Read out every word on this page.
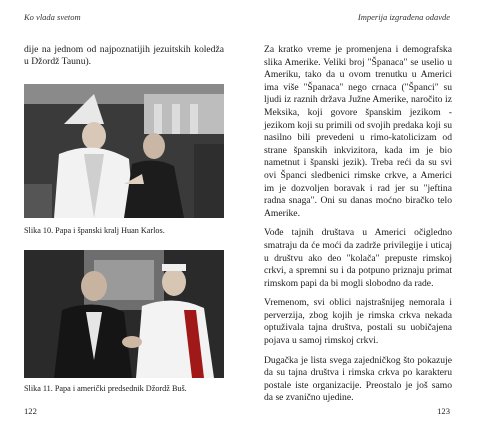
Ko vlada svetom
dije na jednom od najpoznatijih jezuitskih koledža u Džordž Taunu).
Slika 10. Papa i španski kralj Huan Karlos.
Slika 11. Papa i američki predsednik Džordž Buš.
122
Imperija izgrađena odavde

Za kratko vreme je promenjena i demografska slika Amerike. Veliki broj "Španaca" se uselio u Ameriku, tako da u ovom trenutku u Americi ima više "Španaca" nego crnaca ("Španci" su ljudi iz raznih država Južne Amerike, naročito iz Meksika, koji govore španskim jezikom - jezikom koji su primili od svojih predaka koji su nasilno bili prevedeni u rimo-katolicizam od strane španskih inkvizitora, kada im je bio nametnut i španski jezik). Treba reći da su svi ovi Španci sledbenici rimske crkve, a Americi im je dozvoljen boravak i rad jer su "jeftina radna snaga". Oni su danas moćno biračko telo Amerike.

Vođe tajnih društava u Americi očigledno smatraju da će moći da zadrže privilegije i uticaj u društvu ako deo "kolača" prepuste rimskoj crkvi, a spremni su i da potpuno priznaju primat rimskom papi da bi mogli slobodno da rade.

Vremenom, svi oblici najstrašnijeg nemorala i perverzija, zbog kojih je rimska crkva nekada optuživala tajna društva, postali su uobičajena pojava u samoj rimskoj crkvi.

Dugačka je lista svega zajedničkog što pokazuje da su tajna društva i rimska crkva po karakteru postale iste organizacije. Preostalo je još samo da se zvanično ujedine.

123
